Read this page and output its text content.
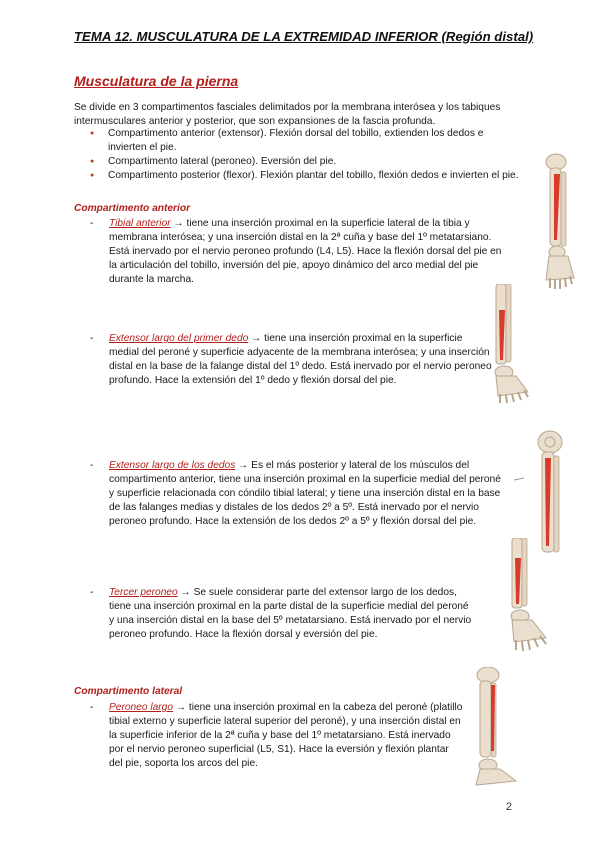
TEMA 12. MUSCULATURA DE LA EXTREMIDAD INFERIOR (Región distal)
Musculatura de la pierna

Se divide en 3 compartimentos fasciales delimitados por la membrana interósea y los tabiques intermusculares anterior y posterior, que son expansiones de la fascia profunda.

● Compartimento anterior (extensor). Flexión dorsal del tobillo, extienden los dedos e invierten el pie.
● Compartimento lateral (peroneo). Eversión del pie.
● Compartimento posterior (flexor). Flexión plantar del tobillo, flexión dedos e invierten el pie.

Compartimento anterior

-	Tibial anterior → tiene una inserción proximal en la superficie lateral de la tibia y membrana interósea; y una inserción distal en la 2ª cuña y base del 1º metatarsiano. Está inervado por el nervio peroneo profundo (L4, L5). Hace la flexión dorsal del pie en la articulación del tobillo, inversión del pie, apoyo dinámico del arco medial del pie durante la marcha.
-	Extensor largo del primer dedo → tiene una inserción proximal en la superficie medial del peroné y superficie adyacente de la membrana interósea; y una inserción distal en la base de la falange distal del 1º dedo. Está inervado por el nervio peroneo profundo. Hace la extensión del 1º dedo y flexión dorsal del pie.
-	Extensor largo de los dedos → Es el más posterior y lateral de los músculos del compartimento anterior, tiene una inserción proximal en la superficie medial del peroné y superficie relacionada con cóndilo tibial lateral; y tiene una inserción distal en la base de las falanges medias y distales de los dedos 2º a 5º. Está inervado por el nervio peroneo profundo. Hace la extensión de los dedos 2º a 5º y flexión dorsal del pie.
-	Tercer peroneo → Se suele considerar parte del extensor largo de los dedos, tiene una inserción proximal en la parte distal de la superficie medial del peroné y una inserción distal en la base del 5º metatarsiano. Está inervado por el nervio peroneo profundo. Hace la flexión dorsal y eversión del pie.

Compartimento lateral

-	Peroneo largo → tiene una inserción proximal en la cabeza del peroné (platillo tibial externo y superficie lateral superior del peroné), y una inserción distal en la superficie inferior de la 2ª cuña y base del 1º metatarsiano. Está inervado por el nervio peroneo superficial (L5, S1). Hace la eversión y flexión plantar del pie, soporta los arcos del pie.
2
